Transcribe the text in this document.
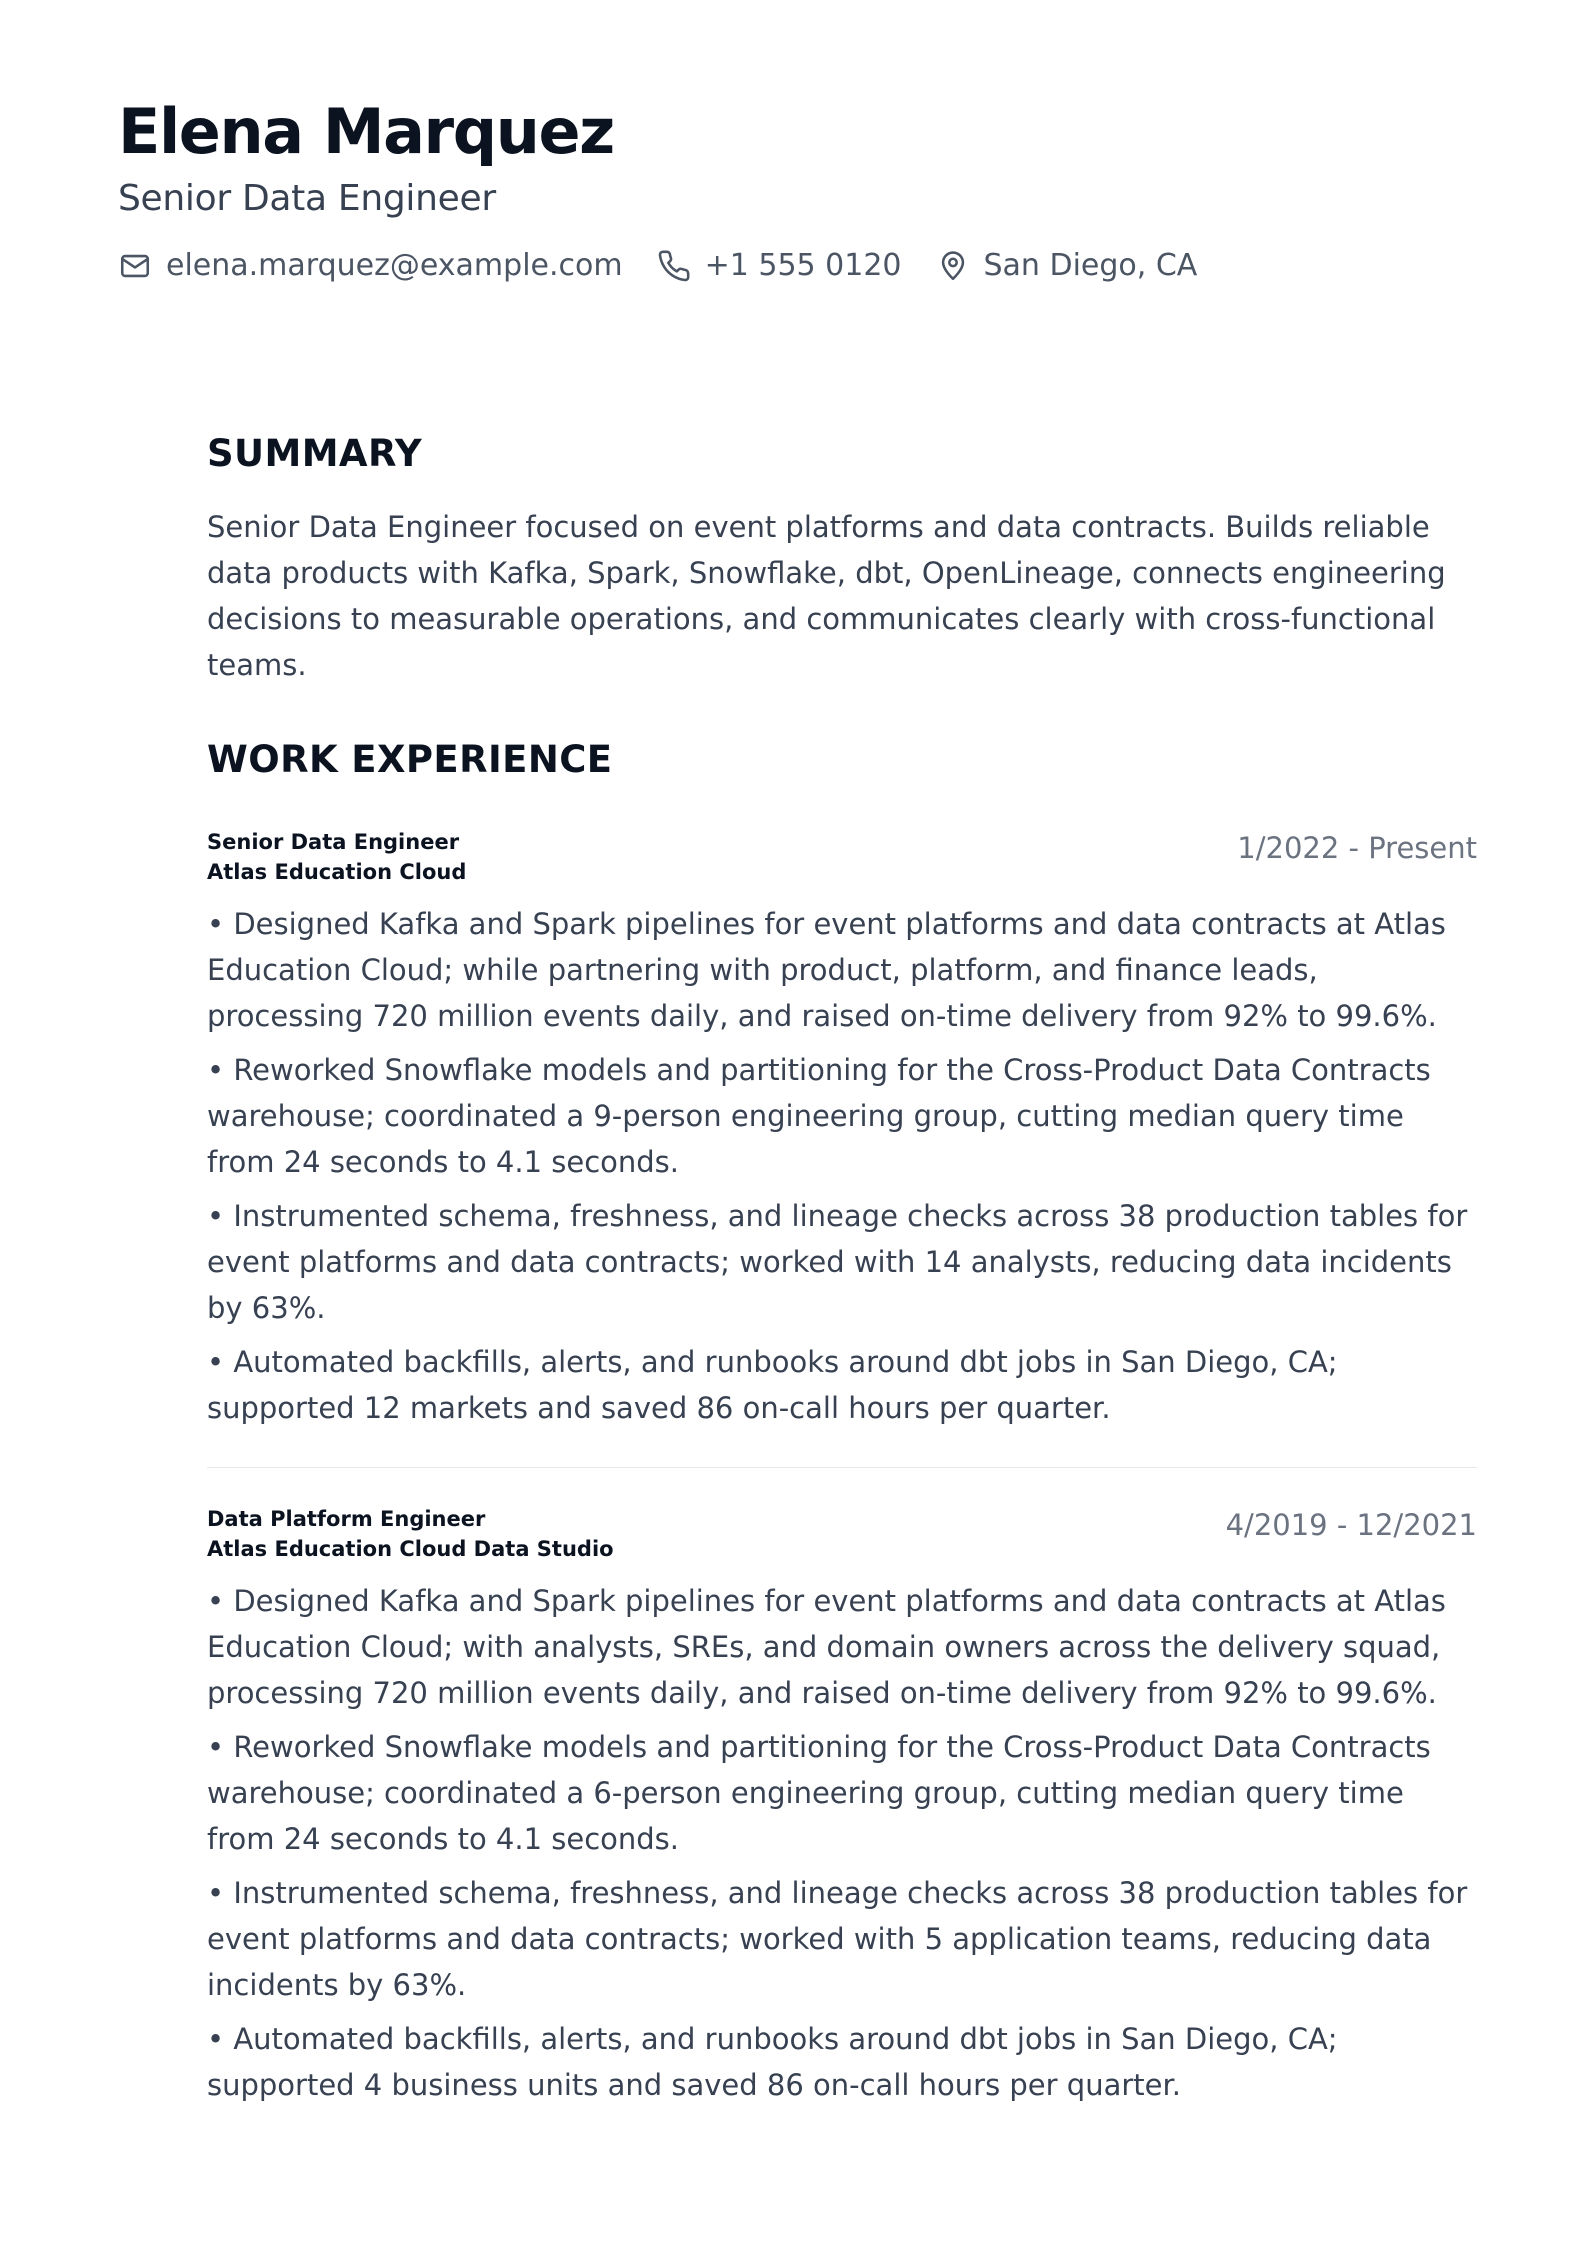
Elena Marquez
Senior Data Engineer
elena.marquez@example.com	+1 555 0120	San Diego, CA
SUMMARY
Senior Data Engineer focused on event platforms and data contracts. Builds reliable data products with Kafka, Spark, Snowflake, dbt, OpenLineage, connects engineering decisions to measurable operations, and communicates clearly with cross-functional teams.
WORK EXPERIENCE
Senior Data Engineer
Atlas Education Cloud
1/2022 - Present
• Designed Kafka and Spark pipelines for event platforms and data contracts at Atlas Education Cloud; while partnering with product, platform, and finance leads, processing 720 million events daily, and raised on-time delivery from 92% to 99.6%.
• Reworked Snowflake models and partitioning for the Cross-Product Data Contracts warehouse; coordinated a 9-person engineering group, cutting median query time from 24 seconds to 4.1 seconds.
• Instrumented schema, freshness, and lineage checks across 38 production tables for event platforms and data contracts; worked with 14 analysts, reducing data incidents by 63%.
• Automated backfills, alerts, and runbooks around dbt jobs in San Diego, CA; supported 12 markets and saved 86 on-call hours per quarter.
Data Platform Engineer
Atlas Education Cloud Data Studio
4/2019 - 12/2021
• Designed Kafka and Spark pipelines for event platforms and data contracts at Atlas Education Cloud; with analysts, SREs, and domain owners across the delivery squad, processing 720 million events daily, and raised on-time delivery from 92% to 99.6%.
• Reworked Snowflake models and partitioning for the Cross-Product Data Contracts warehouse; coordinated a 6-person engineering group, cutting median query time from 24 seconds to 4.1 seconds.
• Instrumented schema, freshness, and lineage checks across 38 production tables for event platforms and data contracts; worked with 5 application teams, reducing data incidents by 63%.
• Automated backfills, alerts, and runbooks around dbt jobs in San Diego, CA; supported 4 business units and saved 86 on-call hours per quarter.
